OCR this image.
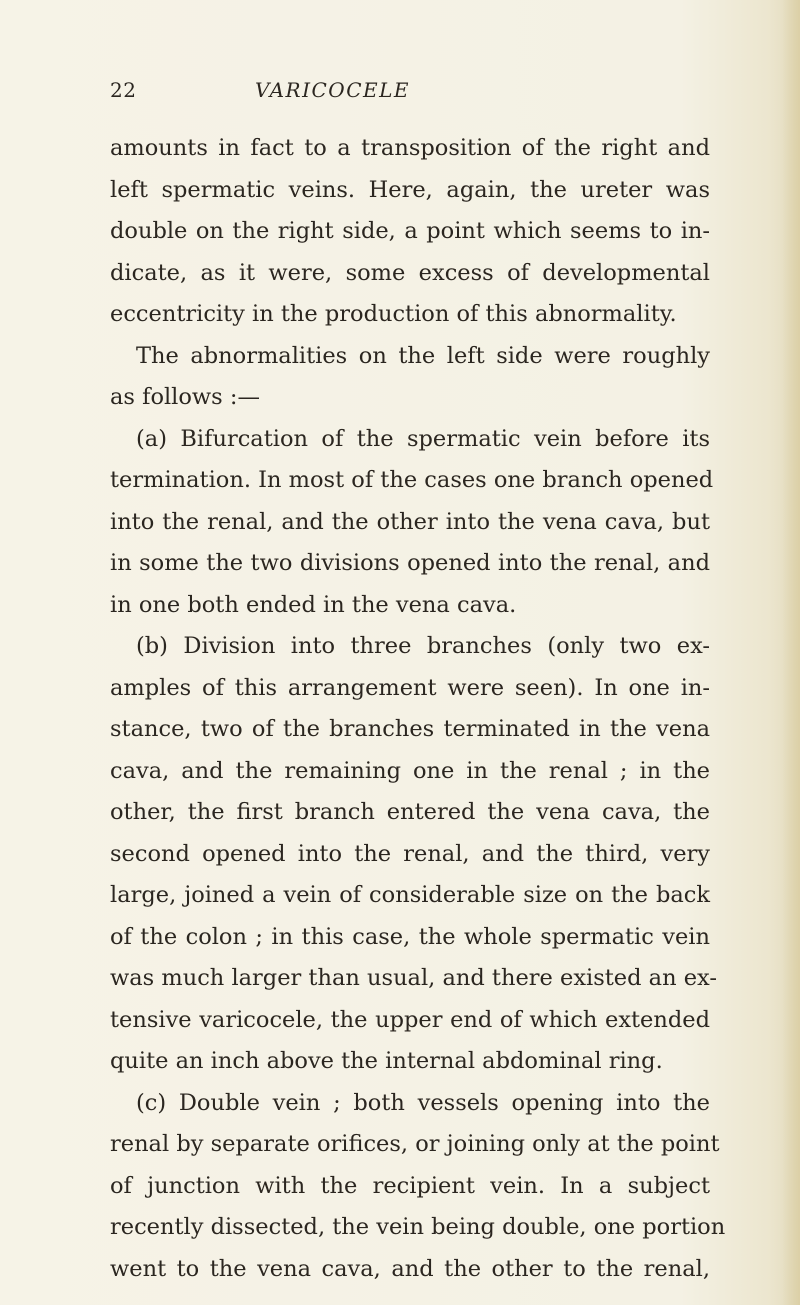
22	VARICOCELE
amounts in fact to a transposition of the right and
left spermatic veins. Here, again, the ureter was
double on the right side, a point which seems to in-
dicate, as it were, some excess of developmental
eccentricity in the production of this abnormality.
The abnormalities on the left side were roughly
as follows :—
(a) Bifurcation of the spermatic vein before its
termination. In most of the cases one branch opened
into the renal, and the other into the vena cava, but
in some the two divisions opened into the renal, and
in one both ended in the vena cava.
(b) Division into three branches (only two ex-
amples of this arrangement were seen). In one in-
stance, two of the branches terminated in the vena
cava, and the remaining one in the renal ; in the
other, the first branch entered the vena cava, the
second opened into the renal, and the third, very
large, joined a vein of considerable size on the back
of the colon ; in this case, the whole spermatic vein
was much larger than usual, and there existed an ex-
tensive varicocele, the upper end of which extended
quite an inch above the internal abdominal ring.
(c) Double vein ; both vessels opening into the
renal by separate orifices, or joining only at the point
of junction with the recipient vein. In a subject
recently dissected, the vein being double, one portion
went to the vena cava, and the other to the renal,
